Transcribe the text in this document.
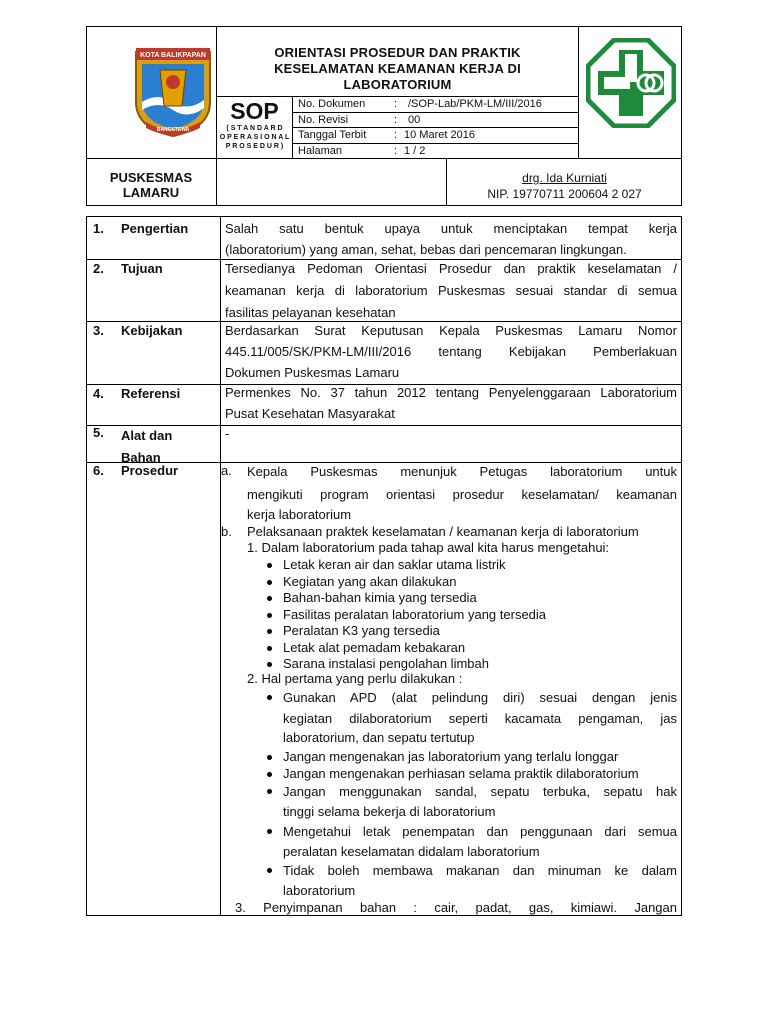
KOTA BALIKPAPAN
BANGSTEWA
ORIENTASI PROSEDUR DAN PRAKTIK
KESELAMATAN KEAMANAN KERJA DI
LABORATORIUM
SOP
( S T A N D A R D
O P E R A S I O N A L
P R O S E D U R )
No. Dokumen	: /SOP-Lab/PKM-LM/III/2016
No. Revisi	: 00
Tanggal Terbit	: 10 Maret 2016
Halaman	: 1 / 2
PUSKESMAS
LAMARU
drg. Ida Kurniati
NIP. 19770711 200604 2 027
1. Pengertian	Salah satu bentuk upaya untuk menciptakan tempat kerja
(laboratorium) yang aman, sehat, bebas dari pencemaran lingkungan.
2. Tujuan	Tersedianya Pedoman Orientasi Prosedur dan praktik keselamatan /
keamanan kerja di laboratorium Puskesmas sesuai standar di semua
fasilitas pelayanan kesehatan
3. Kebijakan	Berdasarkan Surat Keputusan Kepala Puskesmas Lamaru Nomor
445.11/005/SK/PKM-LM/III/2016 tentang Kebijakan Pemberlakuan
Dokumen Puskesmas Lamaru
4. Referensi	Permenkes No. 37 tahun 2012 tentang Penyelenggaraan Laboratorium
Pusat Kesehatan Masyarakat
5. Alat dan
Bahan
-
6. Prosedur	a. Kepala Puskesmas menunjuk Petugas laboratorium untuk
mengikuti program orientasi prosedur keselamatan/ keamanan
kerja laboratorium
b. Pelaksanaan praktek keselamatan / keamanan kerja di laboratorium
1. Dalam laboratorium pada tahap awal kita harus mengetahui:
Letak keran air dan saklar utama listrik
Kegiatan yang akan dilakukan
Bahan-bahan kimia yang tersedia
Fasilitas peralatan laboratorium yang tersedia
Peralatan K3 yang tersedia
Letak alat pemadam kebakaran
Sarana instalasi pengolahan limbah
2. Hal pertama yang perlu dilakukan :
Gunakan APD (alat pelindung diri) sesuai dengan jenis
kegiatan dilaboratorium seperti kacamata pengaman, jas
laboratorium, dan sepatu tertutup
Jangan mengenakan jas laboratorium yang terlalu longgar
Jangan mengenakan perhiasan selama praktik dilaboratorium
Jangan menggunakan sandal, sepatu terbuka, sepatu hak
tinggi selama bekerja di laboratorium
Mengetahui letak penempatan dan penggunaan dari semua
peralatan keselamatan didalam laboratorium
Tidak boleh membawa makanan dan minuman ke dalam
laboratorium
3. Penyimpanan bahan : cair, padat, gas, kimiawi. Jangan
